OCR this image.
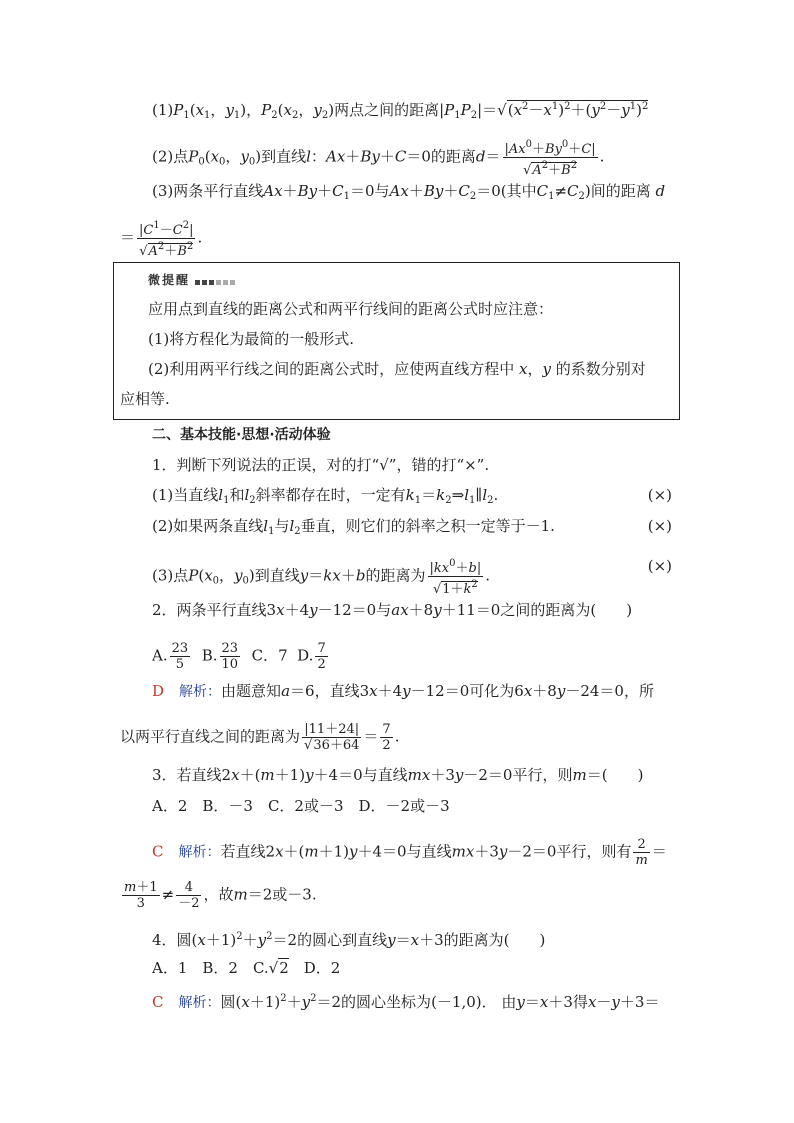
$(1)P_1(x_1$，$y_1$)，$P_2(x_2$，$y_2$)两点之间的距离$|P_1P_2|=√(x^2-x^1)^2+(y^2-y^1)^2$
(2)点$P_0(x_0$，$y_0$)到直线l：Ax＋By＋C＝0的距离$d= \frac{|Ax^0+By^0+C|}{√A^2+B^2}$ .
(3)两条平行直线$Ax+By+C_1=0$与$Ax+By+C_2=0$(其中$C_1\ne C_2$)间的距离 d
＝ $\frac{|C^1-C^2|}{√A^2+B^2}$ .
微提醒
应用点到直线的距离公式和两平行线间的距离公式时应注意：
(1)将方程化为最简的一般形式.
(2)利用两平行线之间的距离公式时，应使两直线方程中 x，y 的系数分别对
应相等.
二、基本技能·思想·活动体验
1．判断下列说法的正误，对的打“√”，错的打“×”.
(1)当直线$l_1$和$l_2$斜率都存在时，一定有$k_1=k_2\Rightarrow l_1\parallel l_2$.	(×)
(2)如果两条直线$l_1$与$l_2$垂直，则它们的斜率之积一定等于－1.	(×)
(3)点$P(x_0$，$y_0$)到直线y＝kx＋b的距离为 $\frac{|kx^0+b|}{√1+k^2}$ .
(×)
2．两条平行直线3x＋4y－12＝0与ax＋8y＋11＝0之间的距离为( )
A. $\frac{23}{5} B$. $\frac{23}{10}$ C．7 D. $\frac{7}{2}$
D　 解析：由题意知a＝6，直线3x＋4y－12＝0可化为6x＋8y－24＝0，所
以两平行直线之间的距离为 $\frac{|11+24|}{√36+64} = \frac{7}{2}$ .
3．若直线2x＋(m＋1)y＋4＝0与直线mx＋3y－2＝0平行，则m＝( )
A．2　B．－3　C．2或－3　D．－2或－3
C　 解析：若直线2x＋(m＋1)y＋4＝0与直线mx＋3y－2＝0平行，则有 $\frac{2}{m}$ ＝
$\frac{m+1}{3} \ne \frac{4}{-2}$ ，故m＝2或－3.
4．圆$(x+1)^2+y^2=2$的圆心到直线y＝x＋3的距离为( )
A．1　B．2　C.√2　 D．2
C　 解析：圆$(x+1)^2+y^2=2$的圆心坐标为(－1,0)． 由y＝x＋3得x－y＋3＝
